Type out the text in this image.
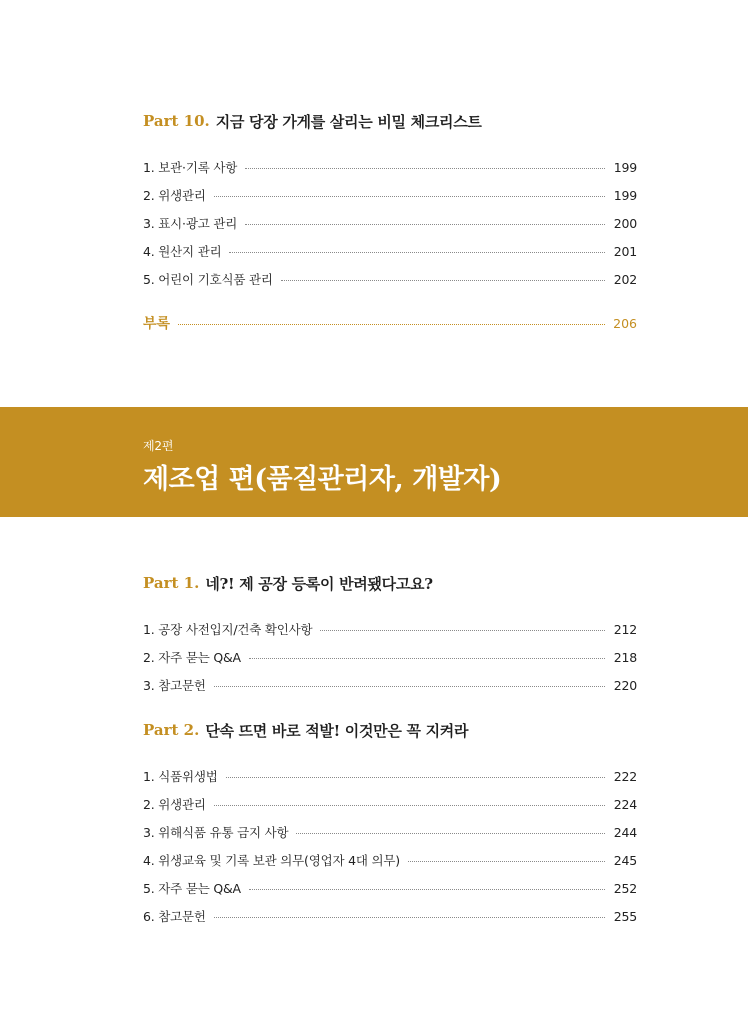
Part 10. 지금 당장 가게를 살리는 비밀 체크리스트
1. 보관·기록 사항	199
2. 위생관리	199
3. 표시·광고 관리	200
4. 원산지 관리	201
5. 어린이 기호식품 관리	202
부록	206
제2편
제조업 편(품질관리자, 개발자)
Part 1. 네?! 제 공장 등록이 반려됐다고요?
1. 공장 사전입지/건축 확인사항	212
2. 자주 묻는 Q&A	218
3. 참고문헌	220
Part 2. 단속 뜨면 바로 적발! 이것만은 꼭 지켜라
1. 식품위생법	222
2. 위생관리	224
3. 위해식품 유통 금지 사항	244
4. 위생교육 및 기록 보관 의무(영업자 4대 의무)	245
5. 자주 묻는 Q&A	252
6. 참고문헌	255
